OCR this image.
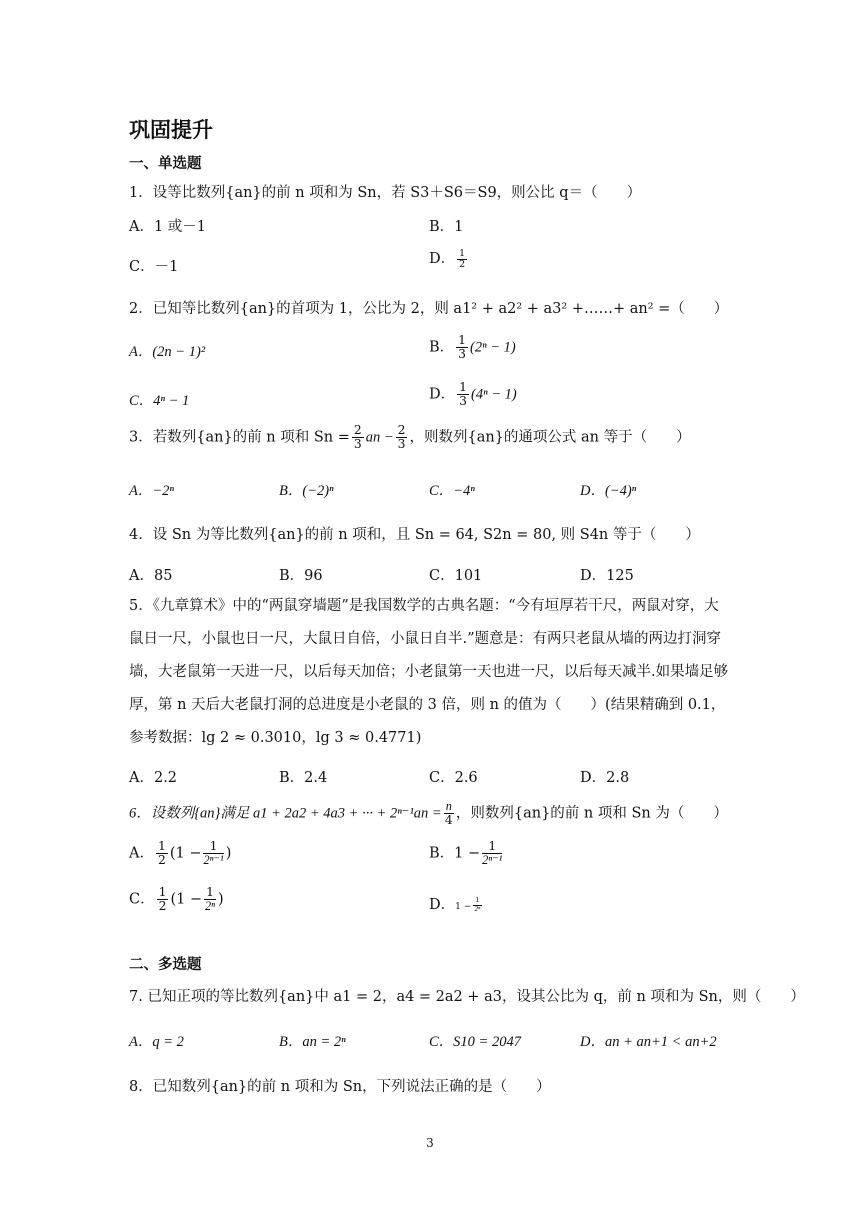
巩固提升
一、单选题
1．设等比数列{an}的前 n 项和为 Sn，若 S3＋S6＝S9，则公比 q＝（　　）
A．1 或－1	B．1
C．－1	D． $\frac{1}{2}$
2．已知等比数列{an}的首项为 1，公比为 2，则 a1² + a2² + a3² +……+ an² =（　　）
A．(2n − 1)²	B． $\frac{1}{3} (2^n - 1)$
C．4ⁿ − 1	D． $\frac{1}{3} (4^n - 1)$
3．若数列{an}的前 n 项和 $Sn = \frac{2}{3}$ an − $\frac{2}{3}$ ，则数列{an}的通项公式 an 等于（　　）
A．−2ⁿ	B．(−2)ⁿ	C．−4ⁿ	D．(−4)ⁿ
4．设 Sn 为等比数列{an}的前 n 项和，且 Sn = 64, S2n = 80, 则 S4n 等于（　　）
A．85	B．96	C．101	D．125
5．《九章算术》中的“两鼠穿墙题”是我国数学的古典名题：“今有垣厚若干尺，两鼠对穿，大鼠日一尺，小鼠也日一尺，大鼠日自倍，小鼠日自半.”题意是：有两只老鼠从墙的两边打洞穿墙，大老鼠第一天进一尺，以后每天加倍；小老鼠第一天也进一尺，以后每天减半.如果墙足够厚，第 n 天后大老鼠打洞的总进度是小老鼠的 3 倍，则 n 的值为（　　）(结果精确到 0.1，参考数据：lg 2 ≈ 0.3010，lg 3 ≈ 0.4771)
A．2.2	B．2.4	C．2.6	D．2.8
6．设数列{an}满足 a1 + 2a2 + 4a3 + ··· + $2^{n-1}an = \frac{n}{4}$ ，则数列{an}的前 n 项和 Sn 为（　　）
A． $\frac{1}{2} (1 - \frac{1}{\text{2ⁿ⁻¹}}$ )	B．$1 - \frac{1}{\text{2ⁿ⁻¹}}$
C． $\frac{1}{2} (1 - \frac{1}{\text{2ⁿ}}$ )	D．$1 - \frac{1}{\text{2ⁿ}}$
二、多选题
7. 已知正项的等比数列{an}中 a1 = 2，a4 = 2a2 + a3，设其公比为 q，前 n 项和为 Sn，则（　　）
A．q = 2	B．an = 2ⁿ	C．S10 = 2047	D．an + an+1 < an+2
8．已知数列{an}的前 n 项和为 Sn，下列说法正确的是（　　）
3
